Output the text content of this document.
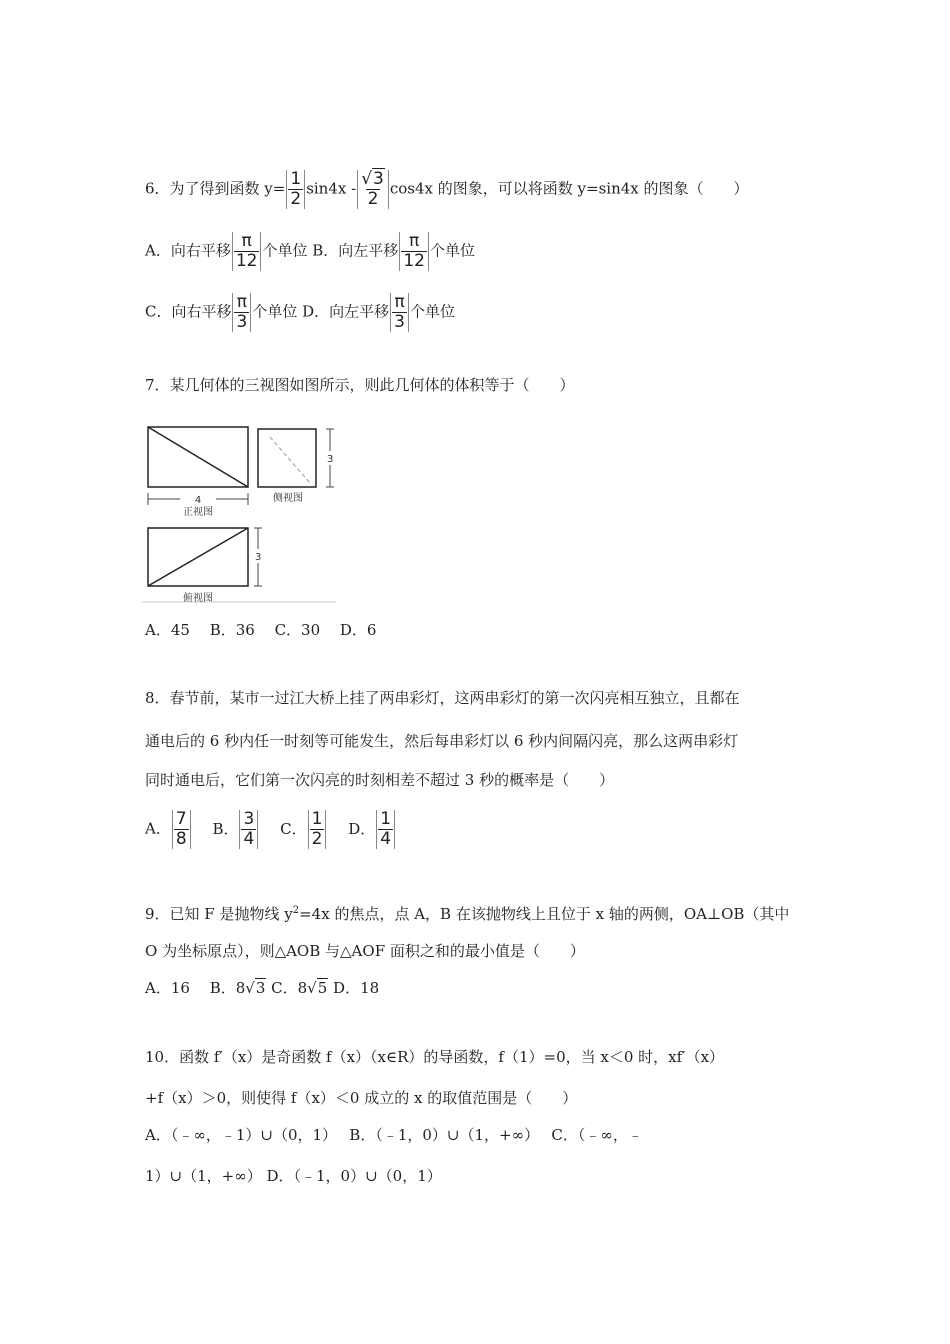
6．为了得到函数 $y= \frac{1}{2} \sin 4x - \frac{√3}{2} \cos 4x$ 的图象，可以将函数 y=sin4x 的图象（　　）
A．向右平移 $\frac{\pi}{12}$ 个单位 B．向左平移 $\frac{\pi}{12}$ 个单位
C．向右平移 $\frac{\pi}{3}$ 个单位 D．向左平移 $\frac{\pi}{3}$ 个单位
7．某几何体的三视图如图所示，则此几何体的体积等于（　　）
4
正视图
3
侧视图
3
俯视图
A．45　 B．36　 C．30　 D．6
8．春节前，某市一过江大桥上挂了两串彩灯，这两串彩灯的第一次闪亮相互独立，且都在
通电后的 6 秒内任一时刻等可能发生，然后每串彩灯以 6 秒内间隔闪亮，那么这两串彩灯
同时通电后，它们第一次闪亮的时刻相差不超过 3 秒的概率是（　　）
A． $\frac{7}{8}$ B． $\frac{3}{4}$ C． $\frac{1}{2}$ D． $\frac{1}{4}$
9．已知 F 是抛物线 $y^2=4x$ 的焦点，点 A，B 在该抛物线上且位于 x 轴的两侧，OA⊥OB（其中
O 为坐标原点），则△AOB 与△AOF 面积之和的最小值是（　　）
A．16　 B．8√3 C．8√5 D．18
10．函数 f′（x）是奇函数 f（x）（x∈R）的导函数，f（1）=0，当 x＜0 时，xf′（x）
+f（x）＞0，则使得 f（x）＜0 成立的 x 的取值范围是（　　）
A．（﹣∞，﹣1）∪（0，1）　 B．（﹣1，0）∪（1，+∞）　 C．（﹣∞，﹣
1）∪（1，+∞） D．（﹣1，0）∪（0，1）
